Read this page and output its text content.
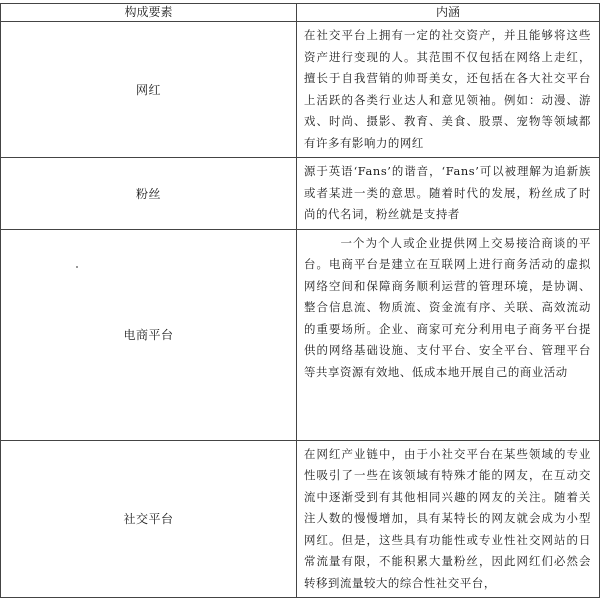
构成要素	内涵
网红	在社交平台上拥有一定的社交资产，并且能够将这些资产进行变现的人。其范围不仅包括在网络上走红，擅长于自我营销的帅哥美女，还包括在各大社交平台上活跃的各类行业达人和意见领袖。例如：动漫、游戏、时尚、摄影、教育、美食、股票、宠物等领域都有许多有影响力的网红
粉丝	源于英语‘Fans’的谐音，‘Fans’可以被理解为追新族或者某进一类的意思。随着时代的发展，粉丝成了时尚的代名词，粉丝就是支持者
电商平台	一个为个人或企业提供网上交易接洽商谈的平台。电商平台是建立在互联网上进行商务活动的虚拟网络空间和保障商务顺利运营的管理环境，是协调、整合信息流、物质流、资金流有序、关联、高效流动的重要场所。企业、商家可充分利用电子商务平台提供的网络基础设施、支付平台、安全平台、管理平台等共享资源有效地、低成本地开展自己的商业活动
社交平台	在网红产业链中，由于小社交平台在某些领域的专业性吸引了一些在该领域有特殊才能的网友，在互动交流中逐渐受到有其他相同兴趣的网友的关注。随着关注人数的慢慢增加，具有某特长的网友就会成为小型网红。但是，这些具有功能性或专业性社交网站的日常流量有限，不能积累大量粉丝，因此网红们必然会转移到流量较大的综合性社交平台，
